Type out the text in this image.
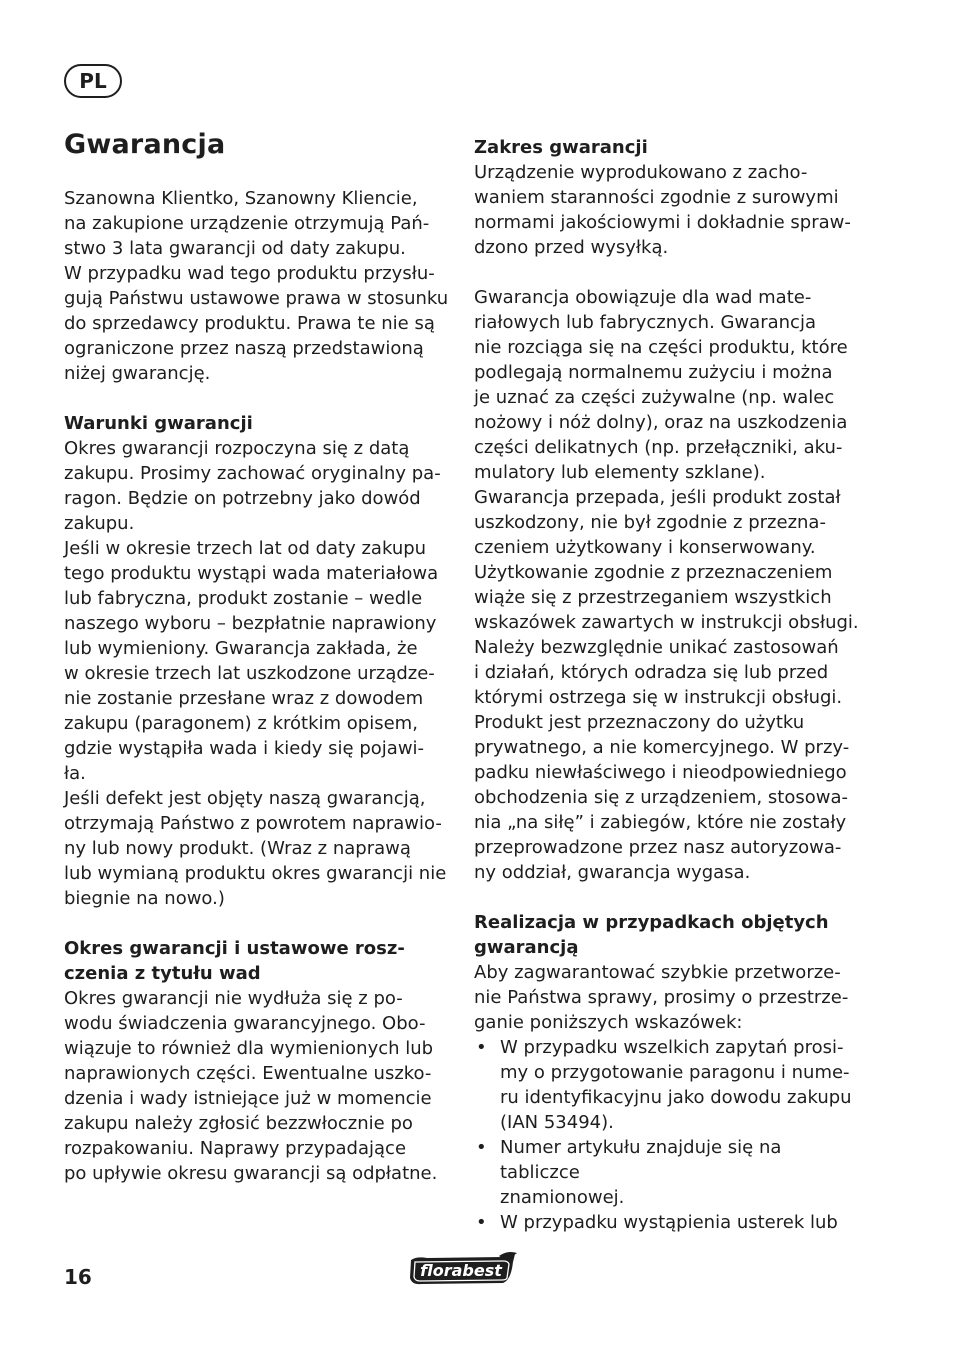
PL
Gwarancja

Szanowna Klientko, Szanowny Kliencie,
na zakupione urządzenie otrzymują Pań-
stwo 3 lata gwarancji od daty zakupu.
W przypadku wad tego produktu przysłu-
gują Państwu ustawowe prawa w stosunku
do sprzedawcy produktu. Prawa te nie są
ograniczone przez naszą przedstawioną
niżej gwarancję.

Warunki gwarancji

Okres gwarancji rozpoczyna się z datą
zakupu. Prosimy zachować oryginalny pa-
ragon. Będzie on potrzebny jako dowód
zakupu.

Jeśli w okresie trzech lat od daty zakupu
tego produktu wystąpi wada materiałowa
lub fabryczna, produkt zostanie – wedle
naszego wyboru – bezpłatnie naprawiony
lub wymieniony. Gwarancja zakłada, że
w okresie trzech lat uszkodzone urządze-
nie zostanie przesłane wraz z dowodem
zakupu (paragonem) z krótkim opisem,
gdzie wystąpiła wada i kiedy się pojawi-
ła.

Jeśli defekt jest objęty naszą gwarancją,
otrzymają Państwo z powrotem naprawio-
ny lub nowy produkt. (Wraz z naprawą
lub wymianą produktu okres gwarancji nie
biegnie na nowo.)

Okres gwarancji i ustawowe rosz-
czenia z tytułu wad

Okres gwarancji nie wydłuża się z po-
wodu świadczenia gwarancyjnego. Obo-
wiązuje to również dla wymienionych lub
naprawionych części. Ewentualne uszko-
dzenia i wady istniejące już w momencie
zakupu należy zgłosić bezzwłocznie po
rozpakowaniu. Naprawy przypadające
po upływie okresu gwarancji są odpłatne.

Zakres gwarancji

Urządzenie wyprodukowano z zacho-
waniem staranności zgodnie z surowymi
normami jakościowymi i dokładnie spraw-
dzono przed wysyłką.

Gwarancja obowiązuje dla wad mate-
riałowych lub fabrycznych. Gwarancja
nie rozciąga się na części produktu, które
podlegają normalnemu zużyciu i można
je uznać za części zużywalne (np. walec
nożowy i nóż dolny), oraz na uszkodzenia
części delikatnych (np. przełączniki, aku-
mulatory lub elementy szklane).
Gwarancja przepada, jeśli produkt został
uszkodzony, nie był zgodnie z przezna-
czeniem użytkowany i konserwowany.
Użytkowanie zgodnie z przeznaczeniem
wiąże się z przestrzeganiem wszystkich
wskazówek zawartych w instrukcji obsługi.
Należy bezwzględnie unikać zastosowań
i działań, których odradza się lub przed
którymi ostrzega się w instrukcji obsługi.
Produkt jest przeznaczony do użytku
prywatnego, a nie komercyjnego. W przy-
padku niewłaściwego i nieodpowiedniego
obchodzenia się z urządzeniem, stosowa-
nia „na siłę” i zabiegów, które nie zostały
przeprowadzone przez nasz autoryzowa-
ny oddział, gwarancja wygasa.

Realizacja w przypadkach objętych
gwarancją

Aby zagwarantować szybkie przetworze-
nie Państwa sprawy, prosimy o przestrze-
ganie poniższych wskazówek:

• W przypadku wszelkich zapytań prosi-
my o przygotowanie paragonu i nume-
ru identyfikacyjnu jako dowodu zakupu
(IAN 53494).
• Numer artykułu znajduje się na tabliczce
znamionowej.
• W przypadku wystąpienia usterek lub
16	florabest
